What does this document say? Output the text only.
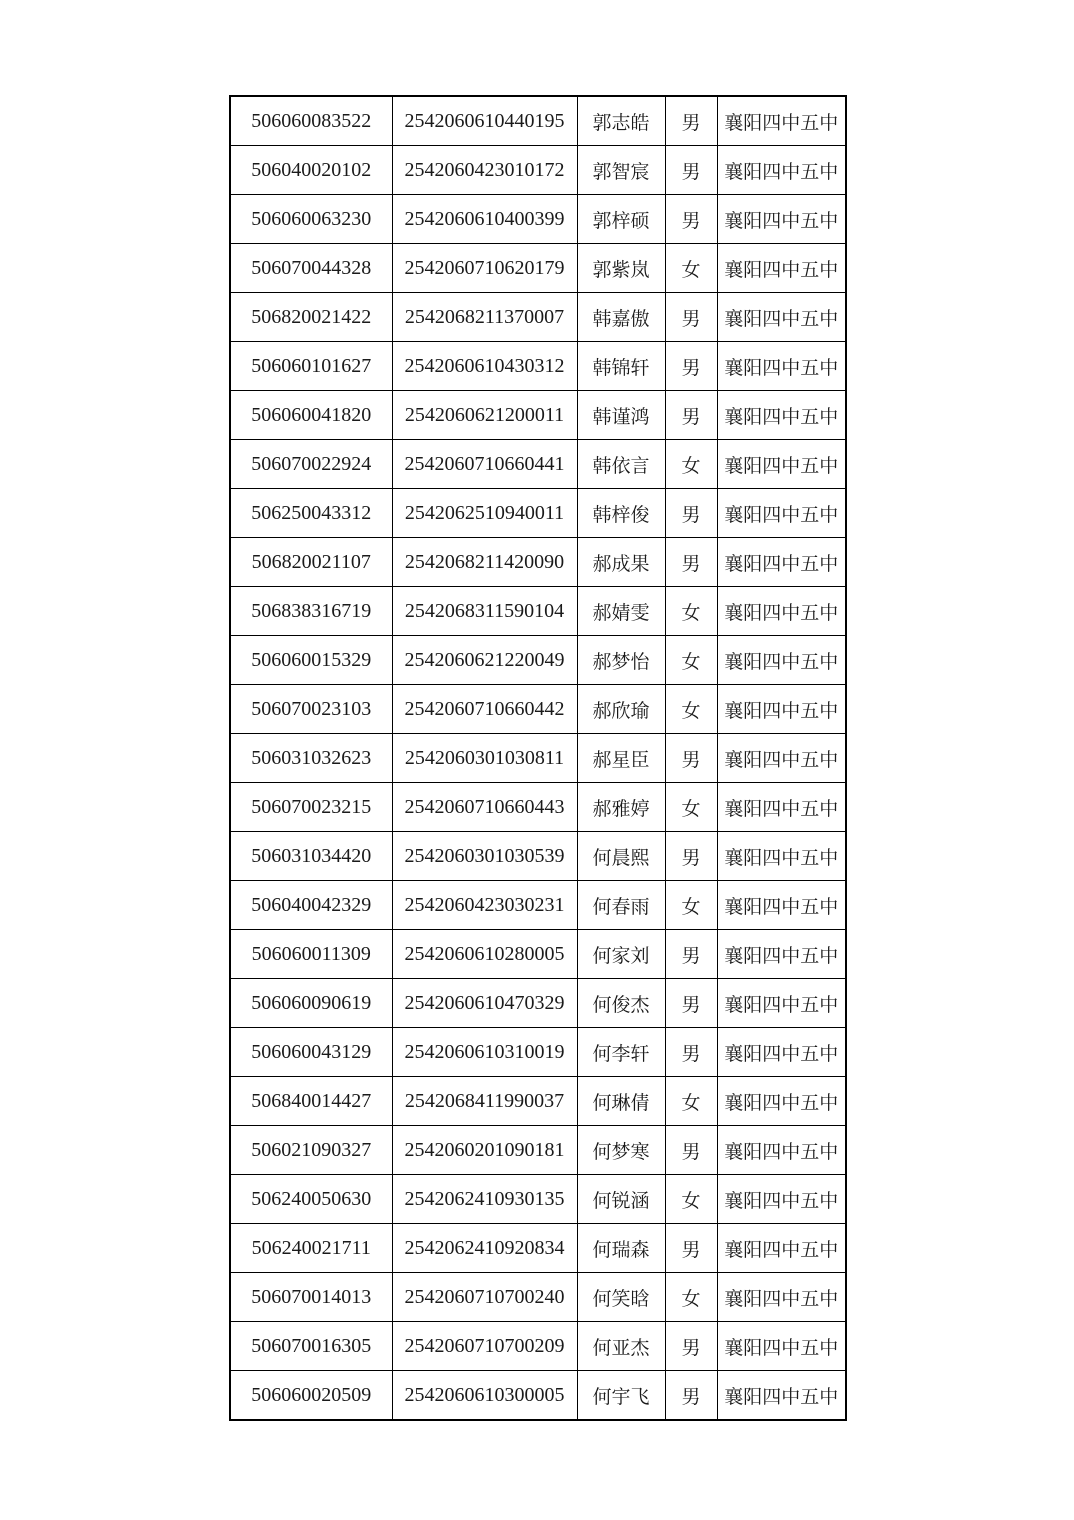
506060083522	2542060610440195	郭志皓	男	襄阳四中五中
506040020102	2542060423010172	郭智宸	男	襄阳四中五中
506060063230	2542060610400399	郭梓硕	男	襄阳四中五中
506070044328	2542060710620179	郭紫岚	女	襄阳四中五中
506820021422	2542068211370007	韩嘉傲	男	襄阳四中五中
506060101627	2542060610430312	韩锦轩	男	襄阳四中五中
506060041820	2542060621200011	韩谨鸿	男	襄阳四中五中
506070022924	2542060710660441	韩依言	女	襄阳四中五中
506250043312	2542062510940011	韩梓俊	男	襄阳四中五中
506820021107	2542068211420090	郝成果	男	襄阳四中五中
506838316719	2542068311590104	郝婧雯	女	襄阳四中五中
506060015329	2542060621220049	郝梦怡	女	襄阳四中五中
506070023103	2542060710660442	郝欣瑜	女	襄阳四中五中
506031032623	2542060301030811	郝星臣	男	襄阳四中五中
506070023215	2542060710660443	郝雅婷	女	襄阳四中五中
506031034420	2542060301030539	何晨熙	男	襄阳四中五中
506040042329	2542060423030231	何春雨	女	襄阳四中五中
506060011309	2542060610280005	何家刘	男	襄阳四中五中
506060090619	2542060610470329	何俊杰	男	襄阳四中五中
506060043129	2542060610310019	何李轩	男	襄阳四中五中
506840014427	2542068411990037	何琳倩	女	襄阳四中五中
506021090327	2542060201090181	何梦寒	男	襄阳四中五中
506240050630	2542062410930135	何锐涵	女	襄阳四中五中
506240021711	2542062410920834	何瑞森	男	襄阳四中五中
506070014013	2542060710700240	何笑晗	女	襄阳四中五中
506070016305	2542060710700209	何亚杰	男	襄阳四中五中
506060020509	2542060610300005	何宇飞	男	襄阳四中五中
